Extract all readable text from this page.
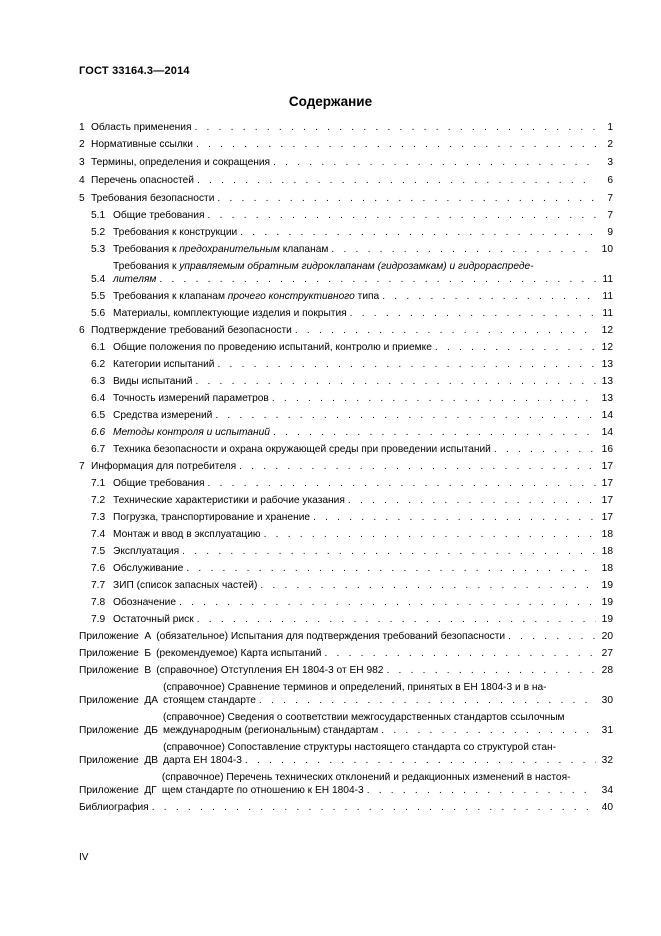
ГОСТ 33164.3—2014
Содержание
1 Область применения . . .	1
2 Нормативные ссылки . . .	2
3 Термины, определения и сокращения . . .	3
4 Перечень опасностей . . .	6
5 Требования безопасности . . .	7
5.1 Общие требования . . .	7
5.2 Требования к конструкции . . .	9
5.3 Требования к предохранительным клапанам . . .	10
5.4
Требования к управляемым обратным гидроклапанам (гидрозамкам) и гидрораспреде-
лителям . . .	11
5.5 Требования к клапанам прочего конструктивного типа . . .	11
5.6 Материалы, комплектующие изделия и покрытия . . .	11
6 Подтверждение требований безопасности . . .	12
6.1 Общие положения по проведению испытаний, контролю и приемке . . .	12
6.2 Категории испытаний . . .	13
6.3 Виды испытаний . . .	13
6.4 Точность измерений параметров . . .	13
6.5 Средства измерений . . .	14
6.6 Методы контроля и испытаний . . .	14
6.7 Техника безопасности и охрана окружающей среды при проведении испытаний . . .	16
7 Информация для потребителя . . .	17
7.1 Общие требования . . .	17
7.2 Технические характеристики и рабочие указания . . .	17
7.3 Погрузка, транспортирование и хранение . . .	17
7.4 Монтаж и ввод в эксплуатацию . . .	18
7.5 Эксплуатация . . .	18
7.6 Обслуживание . . .	18
7.7 ЗИП (список запасных частей) . . .	19
7.8 Обозначение . . .	19
7.9 Остаточный риск . . .	19
Приложение  А (обязательное) Испытания для подтверждения требований безопасности . . .	20
Приложение  Б (рекомендуемое) Карта испытаний . . .	27
Приложение  В (справочное) Отступления ЕН 1804-3 от ЕН 982 . . .	28
Приложение  ДА
(справочное) Сравнение терминов и определений, принятых в ЕН 1804-3 и в на-
стоящем стандарте . . .	30
Приложение  ДБ
(справочное) Сведения о соответствии межгосударственных стандартов ссылочным
международным (региональным) стандартам . . .	31
Приложение  ДВ
(справочное) Сопоставление структуры настоящего стандарта со структурой стан-
дарта ЕН 1804-3 . . .	32
Приложение  ДГ
(справочное) Перечень технических отклонений и редакционных изменений в настоя-
щем стандарте по отношению к ЕН 1804-3 . . .	34
Библиография . . .	40
IV
